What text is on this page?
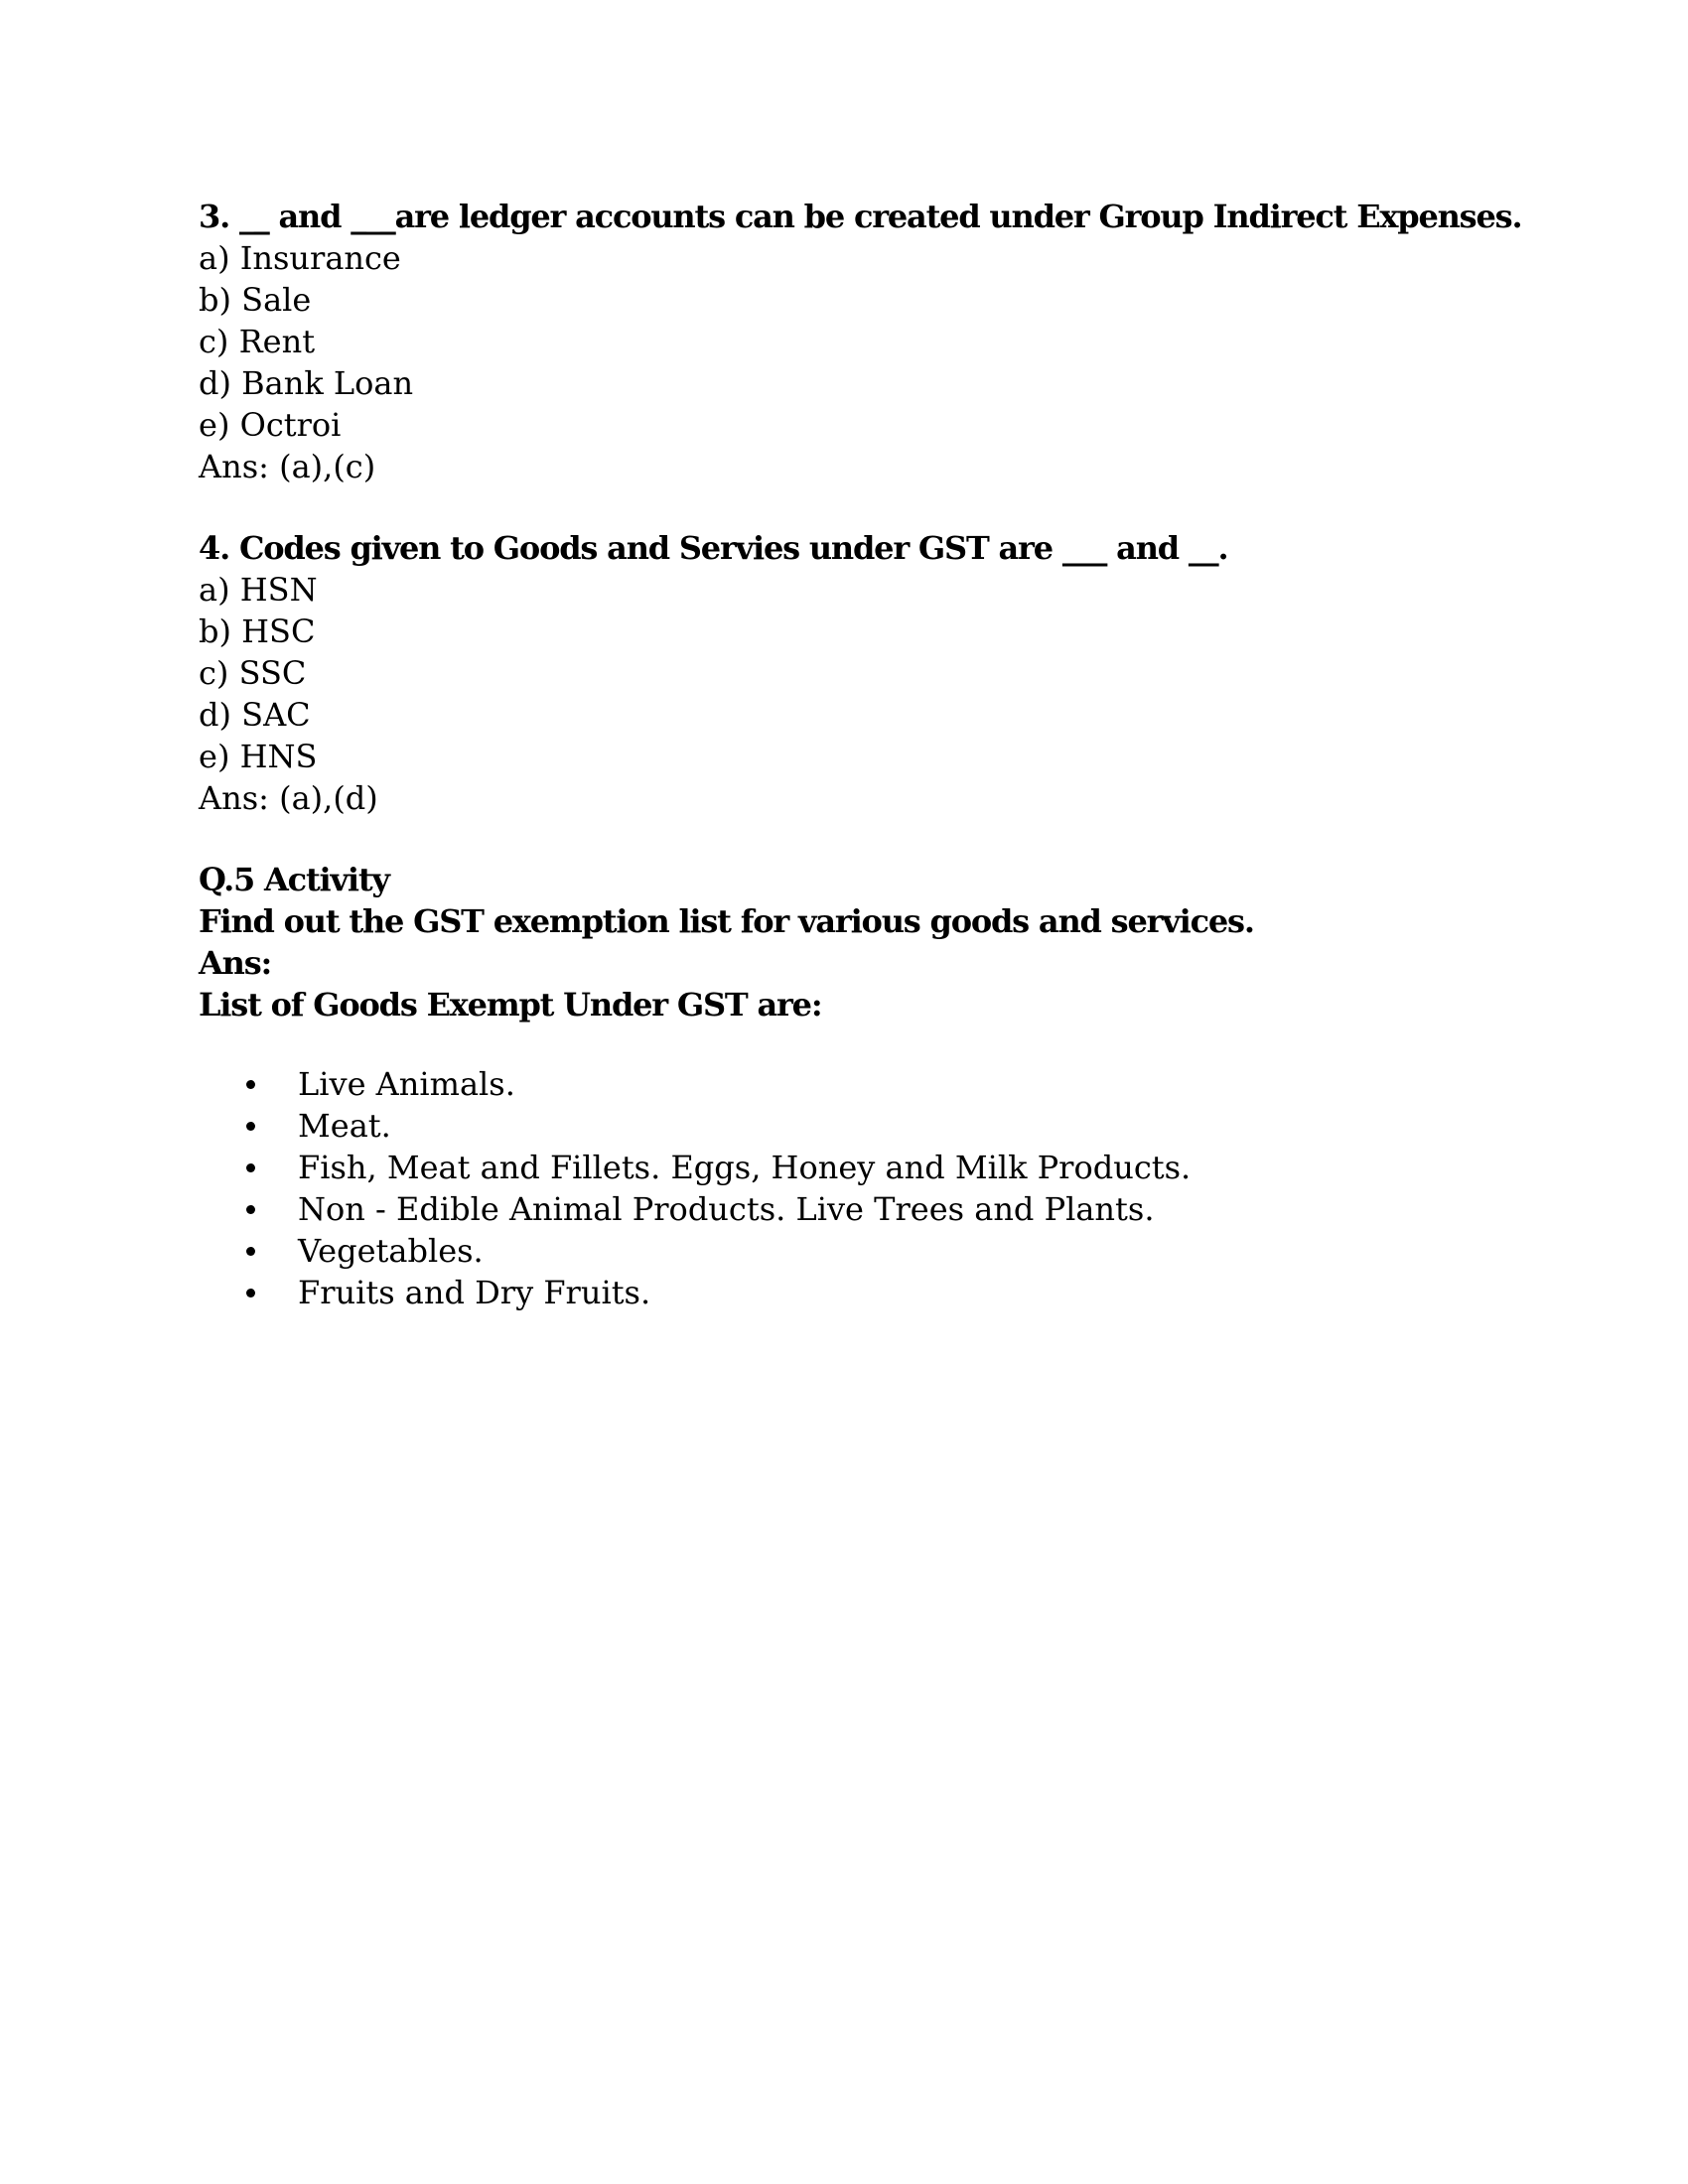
3. __ and ___are ledger accounts can be created under Group Indirect Expenses.
a) Insurance
b) Sale
c) Rent
d) Bank Loan
e) Octroi
Ans: (a),(c)
4. Codes given to Goods and Servies under GST are ___ and __.
a) HSN
b) HSC
c) SSC
d) SAC
e) HNS
Ans: (a),(d)
Q.5 Activity
Find out the GST exemption list for various goods and services.
Ans:
List of Goods Exempt Under GST are:
Live Animals.
Meat.
Fish, Meat and Fillets. Eggs, Honey and Milk Products.
Non - Edible Animal Products. Live Trees and Plants.
Vegetables.
Fruits and Dry Fruits.
